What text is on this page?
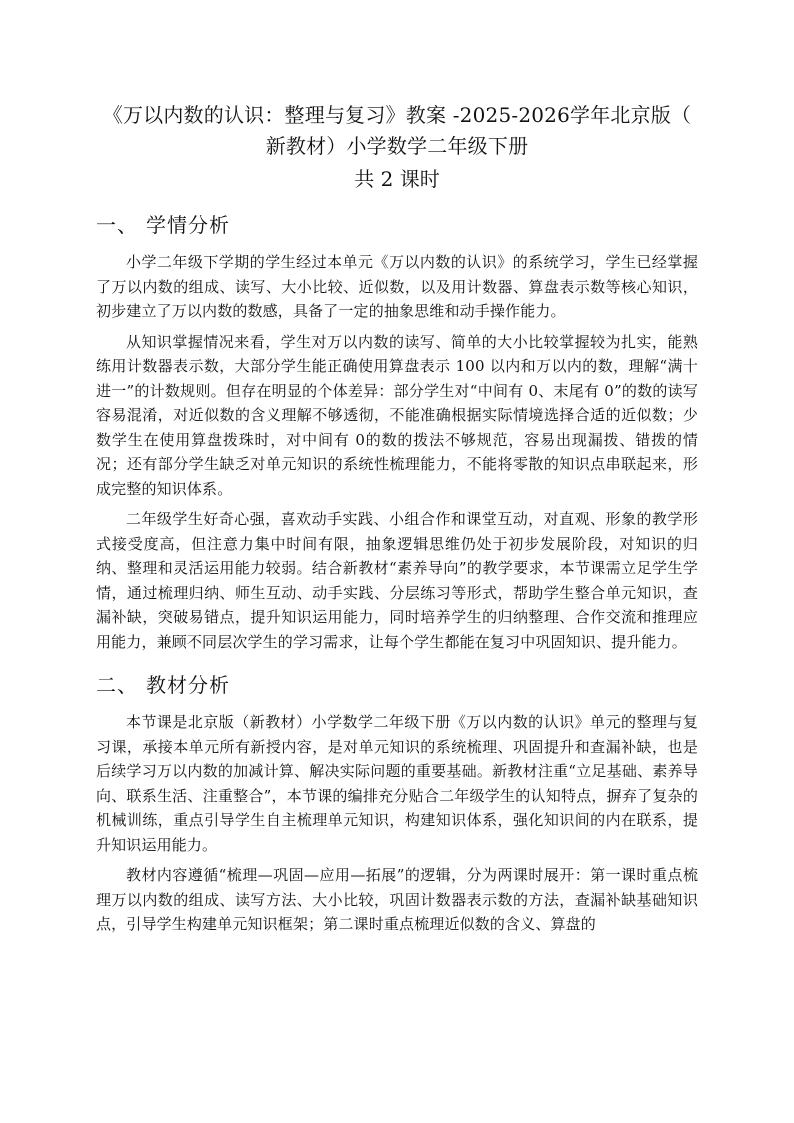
《万以内数的认识：整理与复习》教案 -2025-2026学年北京版（
新教材）小学数学二年级下册
共 2 课时
一、 学情分析

小学二年级下学期的学生经过本单元《万以内数的认识》的系统学习，学生已经掌握了万以内数的组成、读写、大小比较、近似数，以及用计数器、算盘表示数等核心知识，初步建立了万以内数的数感，具备了一定的抽象思维和动手操作能力。

从知识掌握情况来看，学生对万以内数的读写、简单的大小比较掌握较为扎实，能熟练用计数器表示数，大部分学生能正确使用算盘表示 100 以内和万以内的数，理解“满十进一”的计数规则。但存在明显的个体差异：部分学生对“中间有 0、末尾有 0”的数的读写容易混淆，对近似数的含义理解不够透彻，不能准确根据实际情境选择合适的近似数；少数学生在使用算盘拨珠时，对中间有 0的数的拨法不够规范，容易出现漏拨、错拨的情况；还有部分学生缺乏对单元知识的系统性梳理能力，不能将零散的知识点串联起来，形成完整的知识体系。

二年级学生好奇心强，喜欢动手实践、小组合作和课堂互动，对直观、形象的教学形式接受度高，但注意力集中时间有限，抽象逻辑思维仍处于初步发展阶段，对知识的归纳、整理和灵活运用能力较弱。结合新教材“素养导向”的教学要求，本节课需立足学生学情，通过梳理归纳、师生互动、动手实践、分层练习等形式，帮助学生整合单元知识，查漏补缺，突破易错点，提升知识运用能力，同时培养学生的归纳整理、合作交流和推理应用能力，兼顾不同层次学生的学习需求，让每个学生都能在复习中巩固知识、提升能力。

二、 教材分析

本节课是北京版（新教材）小学数学二年级下册《万以内数的认识》单元的整理与复习课，承接本单元所有新授内容，是对单元知识的系统梳理、巩固提升和查漏补缺，也是后续学习万以内数的加减计算、解决实际问题的重要基础。新教材注重“立足基础、素养导向、联系生活、注重整合”，本节课的编排充分贴合二年级学生的认知特点，摒弃了复杂的机械训练，重点引导学生自主梳理单元知识，构建知识体系，强化知识间的内在联系，提升知识运用能力。

教材内容遵循“梳理—巩固—应用—拓展”的逻辑，分为两课时展开：第一课时重点梳理万以内数的组成、读写方法、大小比较，巩固计数器表示数的方法，查漏补缺基础知识点，引导学生构建单元知识框架；第二课时重点梳理近似数的含义、算盘的
